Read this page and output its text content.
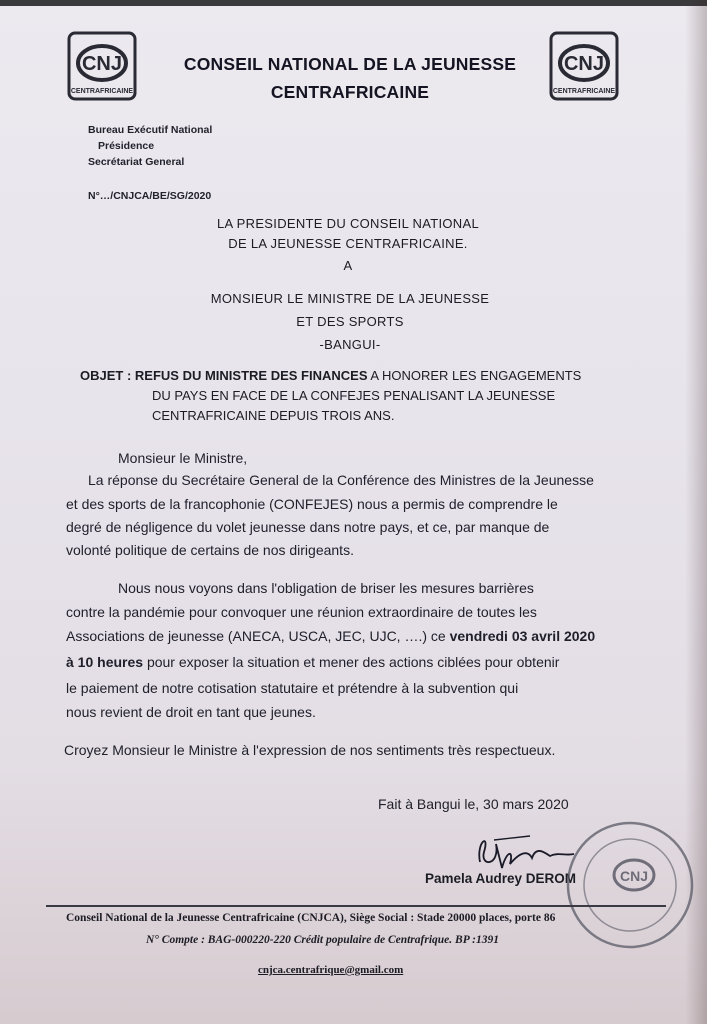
CNJ
CENTRAFRICAINE
CNJ
CENTRAFRICAINE
CONSEIL NATIONAL DE LA JEUNESSE
CENTRAFRICAINE
Bureau Exécutif National
Présidence
Secrétariat General
N°…/CNJCA/BE/SG/2020
LA PRESIDENTE DU CONSEIL NATIONAL
DE LA JEUNESSE CENTRAFRICAINE.
A
MONSIEUR LE MINISTRE DE LA JEUNESSE
ET DES SPORTS
-BANGUI-
OBJET : REFUS DU MINISTRE DES FINANCES A HONORER LES ENGAGEMENTS
DU PAYS EN FACE DE LA CONFEJES PENALISANT LA JEUNESSE
CENTRAFRICAINE DEPUIS TROIS ANS.
Monsieur le Ministre,
La réponse du Secrétaire General de la Conférence des Ministres de la Jeunesse
et des sports de la francophonie (CONFEJES) nous a permis de comprendre le
degré de négligence du volet jeunesse dans notre pays, et ce, par manque de
volonté politique de certains de nos dirigeants.
Nous nous voyons dans l'obligation de briser les mesures barrières
contre la pandémie pour convoquer une réunion extraordinaire de toutes les
Associations de jeunesse (ANECA, USCA, JEC, UJC, ….) ce vendredi 03 avril 2020
à 10 heures pour exposer la situation et mener des actions ciblées pour obtenir
le paiement de notre cotisation statutaire et prétendre à la subvention qui
nous revient de droit en tant que jeunes.
Croyez Monsieur le Ministre à l'expression de nos sentiments très respectueux.
Fait à Bangui le, 30 mars 2020
Pamela Audrey DEROM	CNJ
Conseil National de la Jeunesse Centrafricaine (CNJCA), Siège Social : Stade 20000 places, porte 86
N° Compte : BAG-000220-220 Crédit populaire de Centrafrique. BP :1391
cnjca.centrafrique@gmail.com
